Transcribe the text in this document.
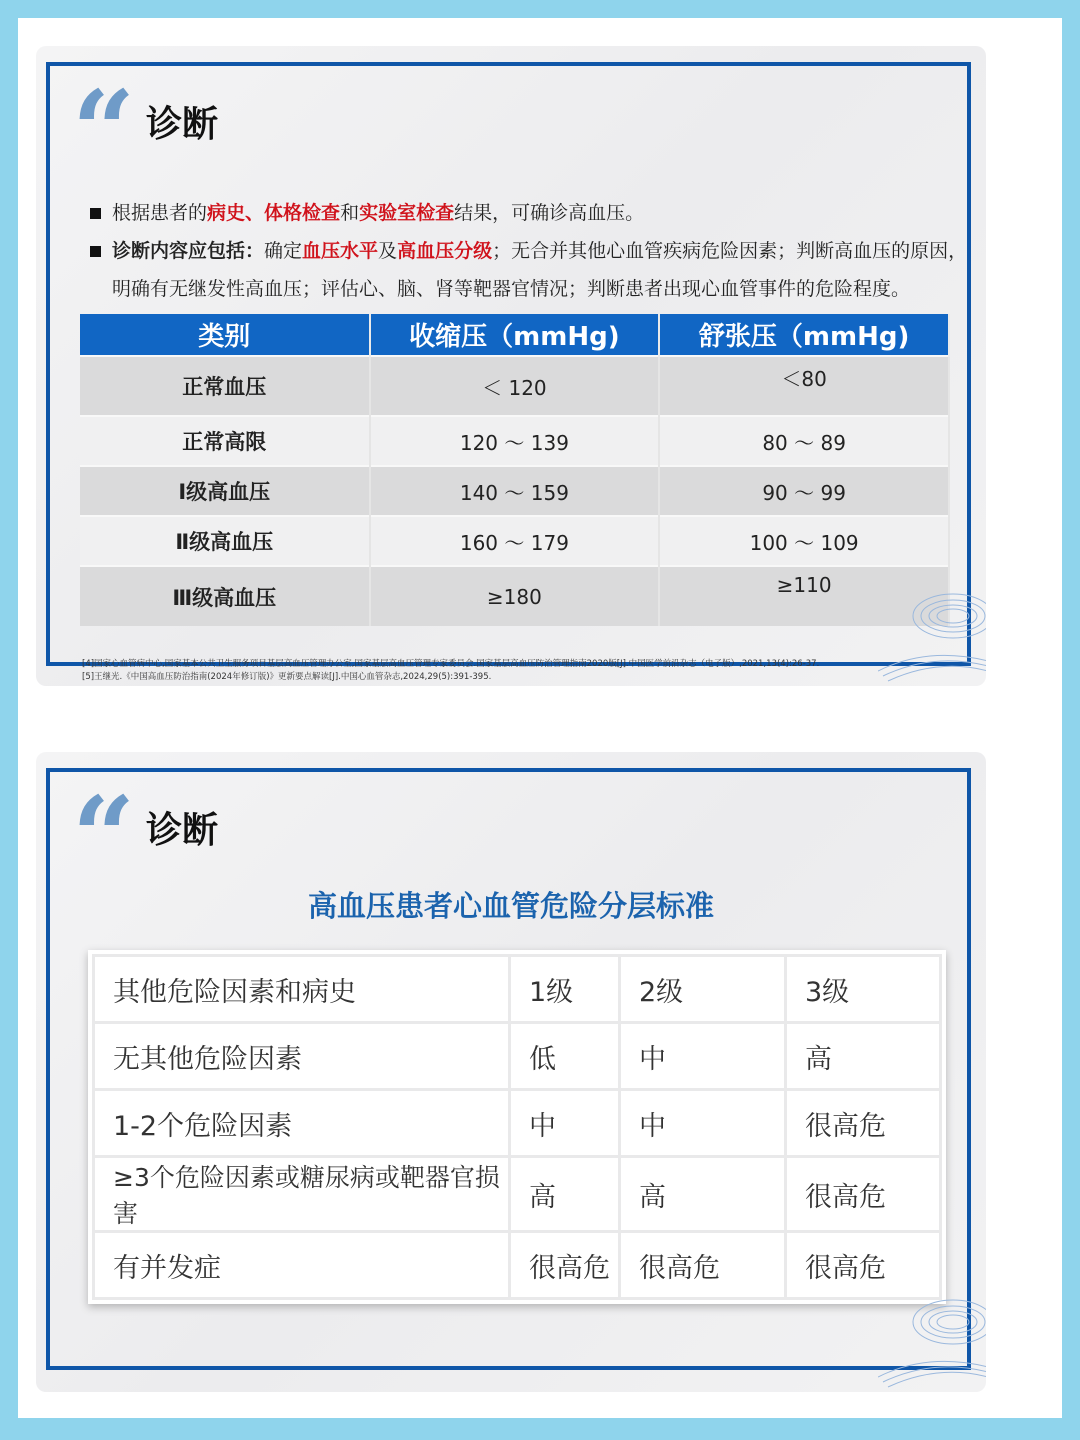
“ 诊断
根据患者的病史、体格检查和实验室检查结果，可确诊高血压。
诊断内容应包括：确定血压水平及高血压分级；无合并其他心血管疾病危险因素；判断高血压的原因，明确有无继发性高血压；评估心、脑、肾等靶器官情况；判断患者出现心血管事件的危险程度。
类别	收缩压（mmHg)	舒张压（mmHg)
正常血压	＜ 120	＜80
正常高限	120 ～ 139	80 ～ 89
Ⅰ级高血压	140 ～ 159	90 ～ 99
Ⅱ级高血压	160 ～ 179	100 ～ 109
Ⅲ级高血压	≥180	≥110
[4]国家心血管病中心,国家基本公共卫生服务项目基层高血压管理办公室,国家基层高血压管理专家委员会.国家基层高血压防治管理指南2020版[J].中国医学前沿杂志（电子版）,2021,13(4):26-37.
[5]王继光.《中国高血压防治指南(2024年修订版)》更新要点解读[J].中国心血管杂志,2024,29(5):391-395.
“ 诊断
高血压患者心血管危险分层标准
其他危险因素和病史	1级	2级	3级
无其他危险因素	低	中	高
1-2个危险因素	中	中	很高危
≥3个危险因素或糖尿病或靶器官损害	高	高	很高危
有并发症	很高危	很高危	很高危
